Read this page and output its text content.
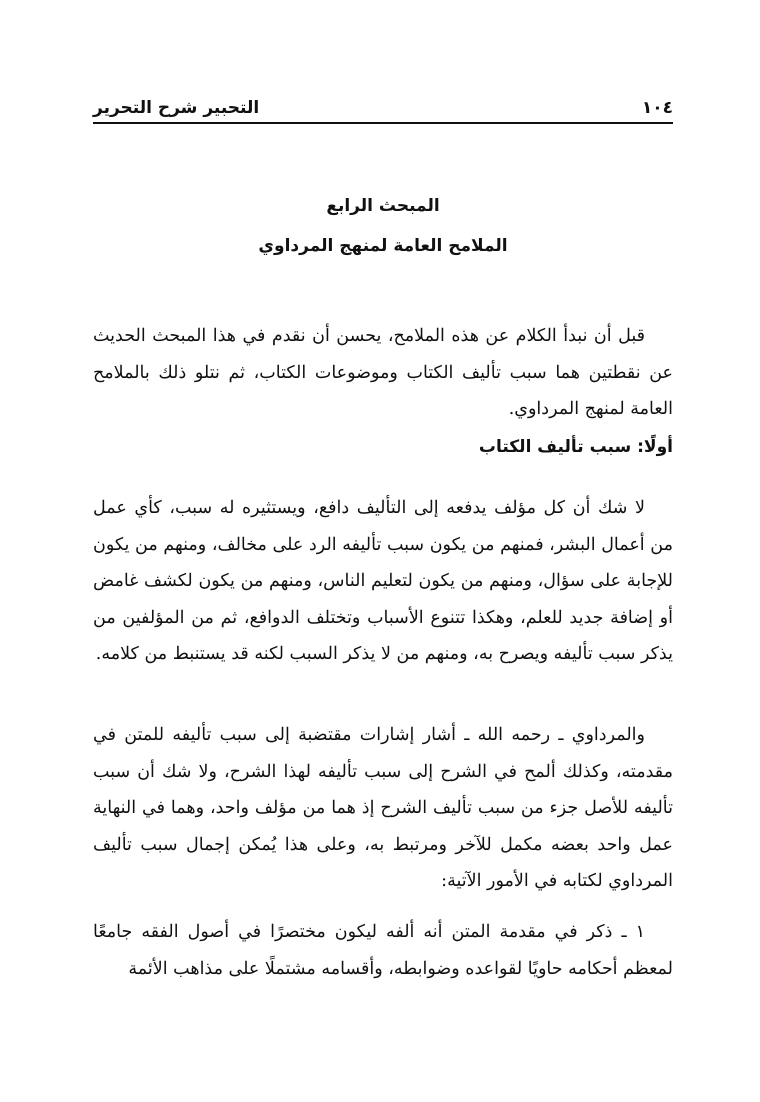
١٠٤
التحبير شرح التحرير
المبحث الرابع
الملامح العامة لمنهج المرداوي

قبل أن نبدأ الكلام عن هذه الملامح، يحسن أن نقدم في هذا المبحث الحديث عن نقطتين هما سبب تأليف الكتاب وموضوعات الكتاب، ثم نتلو ذلك بالملامح العامة لمنهج المرداوي.

أولًا: سبب تأليف الكتاب

لا شك أن كل مؤلف يدفعه إلى التأليف دافع، ويستثيره له سبب، كأي عمل من أعمال البشر، فمنهم من يكون سبب تأليفه الرد على مخالف، ومنهم من يكون للإجابة على سؤال، ومنهم من يكون لتعليم الناس، ومنهم من يكون لكشف غامض أو إضافة جديد للعلم، وهكذا تتنوع الأسباب وتختلف الدوافع، ثم من المؤلفين من يذكر سبب تأليفه ويصرح به، ومنهم من لا يذكر السبب لكنه قد يستنبط من كلامه.

والمرداوي ـ رحمه الله ـ أشار إشارات مقتضبة إلى سبب تأليفه للمتن في مقدمته، وكذلك ألمح في الشرح إلى سبب تأليفه لهذا الشرح، ولا شك أن سبب تأليفه للأصل جزء من سبب تأليف الشرح إذ هما من مؤلف واحد، وهما في النهاية عمل واحد بعضه مكمل للآخر ومرتبط به، وعلى هذا يُمكن إجمال سبب تأليف المرداوي لكتابه في الأمور الآتية:

١ ـ ذكر في مقدمة المتن أنه ألفه ليكون مختصرًا في أصول الفقه جامعًا لمعظم أحكامه حاويًا لقواعده وضوابطه، وأقسامه مشتملًا على مذاهب الأئمة
